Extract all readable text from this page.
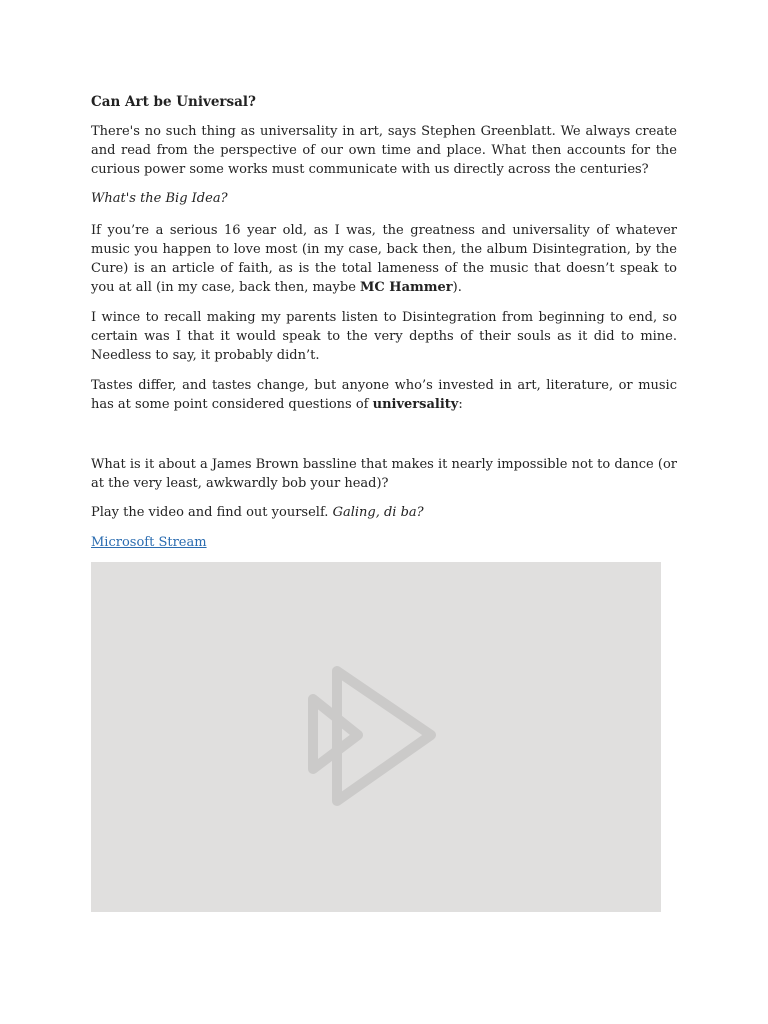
Can Art be Universal?

There's no such thing as universality in art, says Stephen Greenblatt. We always create and read from the perspective of our own time and place. What then accounts for the curious power some works must communicate with us directly across the centuries?

What's the Big Idea?

If you’re a serious 16 year old, as I was, the greatness and universality of whatever music you happen to love most (in my case, back then, the album Disintegration, by the Cure) is an article of faith, as is the total lameness of the music that doesn’t speak to you at all (in my case, back then, maybe MC Hammer).

I wince to recall making my parents listen to Disintegration from beginning to end, so certain was I that it would speak to the very depths of their souls as it did to mine. Needless to say, it probably didn’t.

Tastes differ, and tastes change, but anyone who’s invested in art, literature, or music has at some point considered questions of universality:

What is it about a James Brown bassline that makes it nearly impossible not to dance (or at the very least, awkwardly bob your head)?

Play the video and find out yourself. Galing, di ba?

Microsoft Stream
